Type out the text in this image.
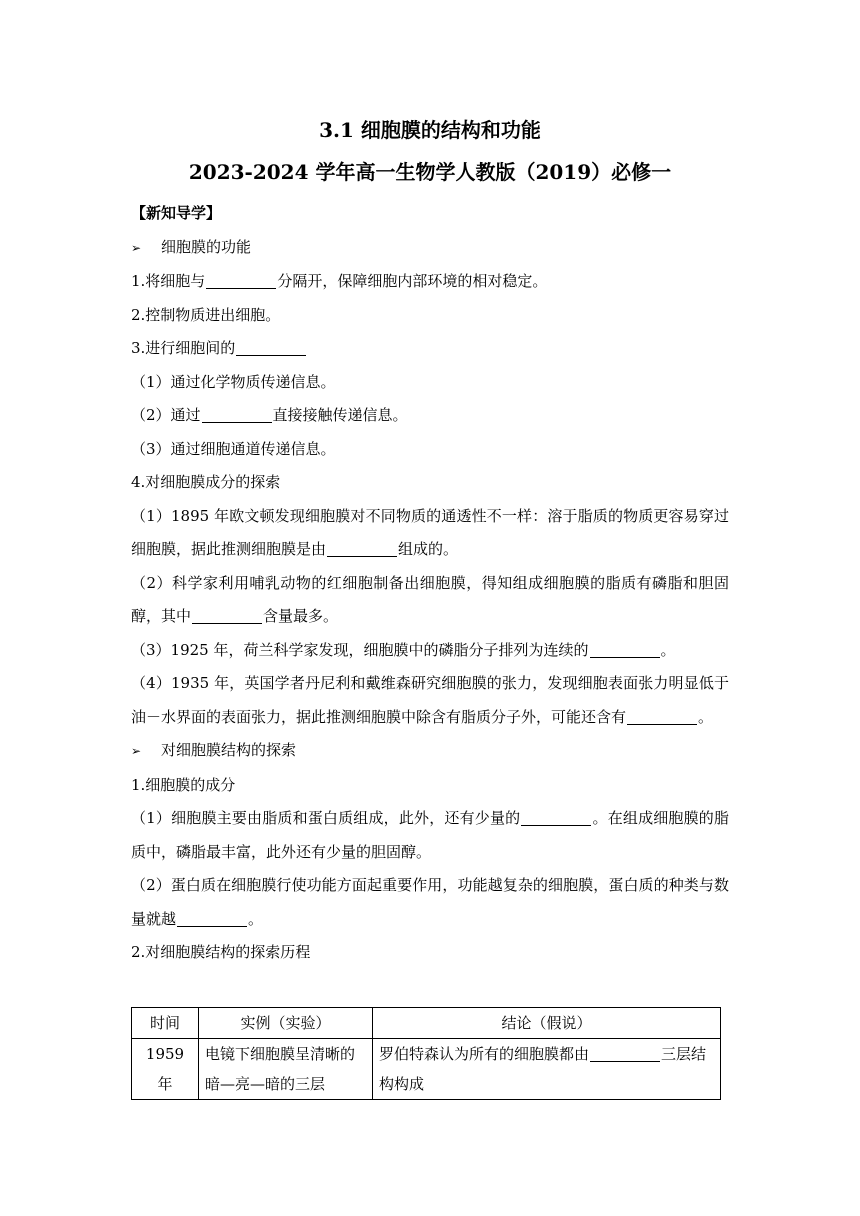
3.1 细胞膜的结构和功能
2023-2024 学年高一生物学人教版（2019）必修一

【新知导学】

➢ 细胞膜的功能

1.将细胞与	分隔开，保障细胞内部环境的相对稳定。

2.控制物质进出细胞。

3.进行细胞间的

（1）通过化学物质传递信息。

（2）通过	直接接触传递信息。

（3）通过细胞通道传递信息。

4.对细胞膜成分的探索

（1）1895 年欧文顿发现细胞膜对不同物质的通透性不一样：溶于脂质的物质更容易穿过细胞膜，据此推测细胞膜是由	组成的。

（2）科学家利用哺乳动物的红细胞制备出细胞膜，得知组成细胞膜的脂质有磷脂和胆固醇，其中	含量最多。

（3）1925 年，荷兰科学家发现，细胞膜中的磷脂分子排列为连续的	。

（4）1935 年，英国学者丹尼利和戴维森研究细胞膜的张力，发现细胞表面张力明显低于油－水界面的表面张力，据此推测细胞膜中除含有脂质分子外，可能还含有	。

➢ 对细胞膜结构的探索

1.细胞膜的成分

（1）细胞膜主要由脂质和蛋白质组成，此外，还有少量的	。在组成细胞膜的脂质中，磷脂最丰富，此外还有少量的胆固醇。

（2）蛋白质在细胞膜行使功能方面起重要作用，功能越复杂的细胞膜，蛋白质的种类与数量就越	。

2.对细胞膜结构的探索历程

时间	实例（实验）	结论（假说）
1959 年	电镜下细胞膜呈清晰的暗—亮—暗的三层	罗伯特森认为所有的细胞膜都由 三层结构构成
